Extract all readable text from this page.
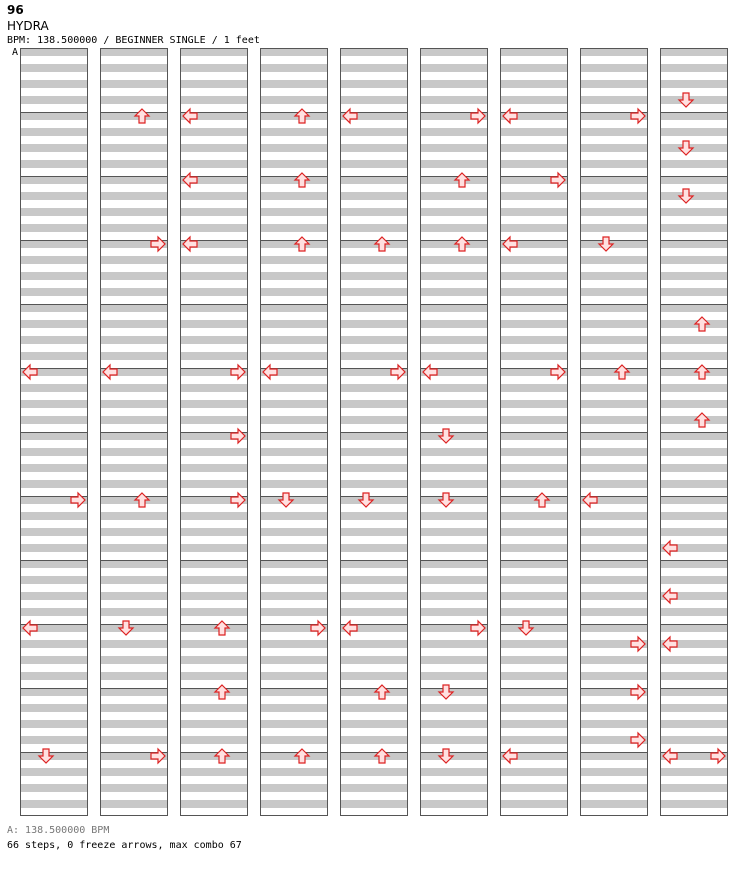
96
HYDRA
BPM: 138.500000 / BEGINNER SINGLE / 1 feet
A
A: 138.500000 BPM
66 steps, 0 freeze arrows, max combo 67
